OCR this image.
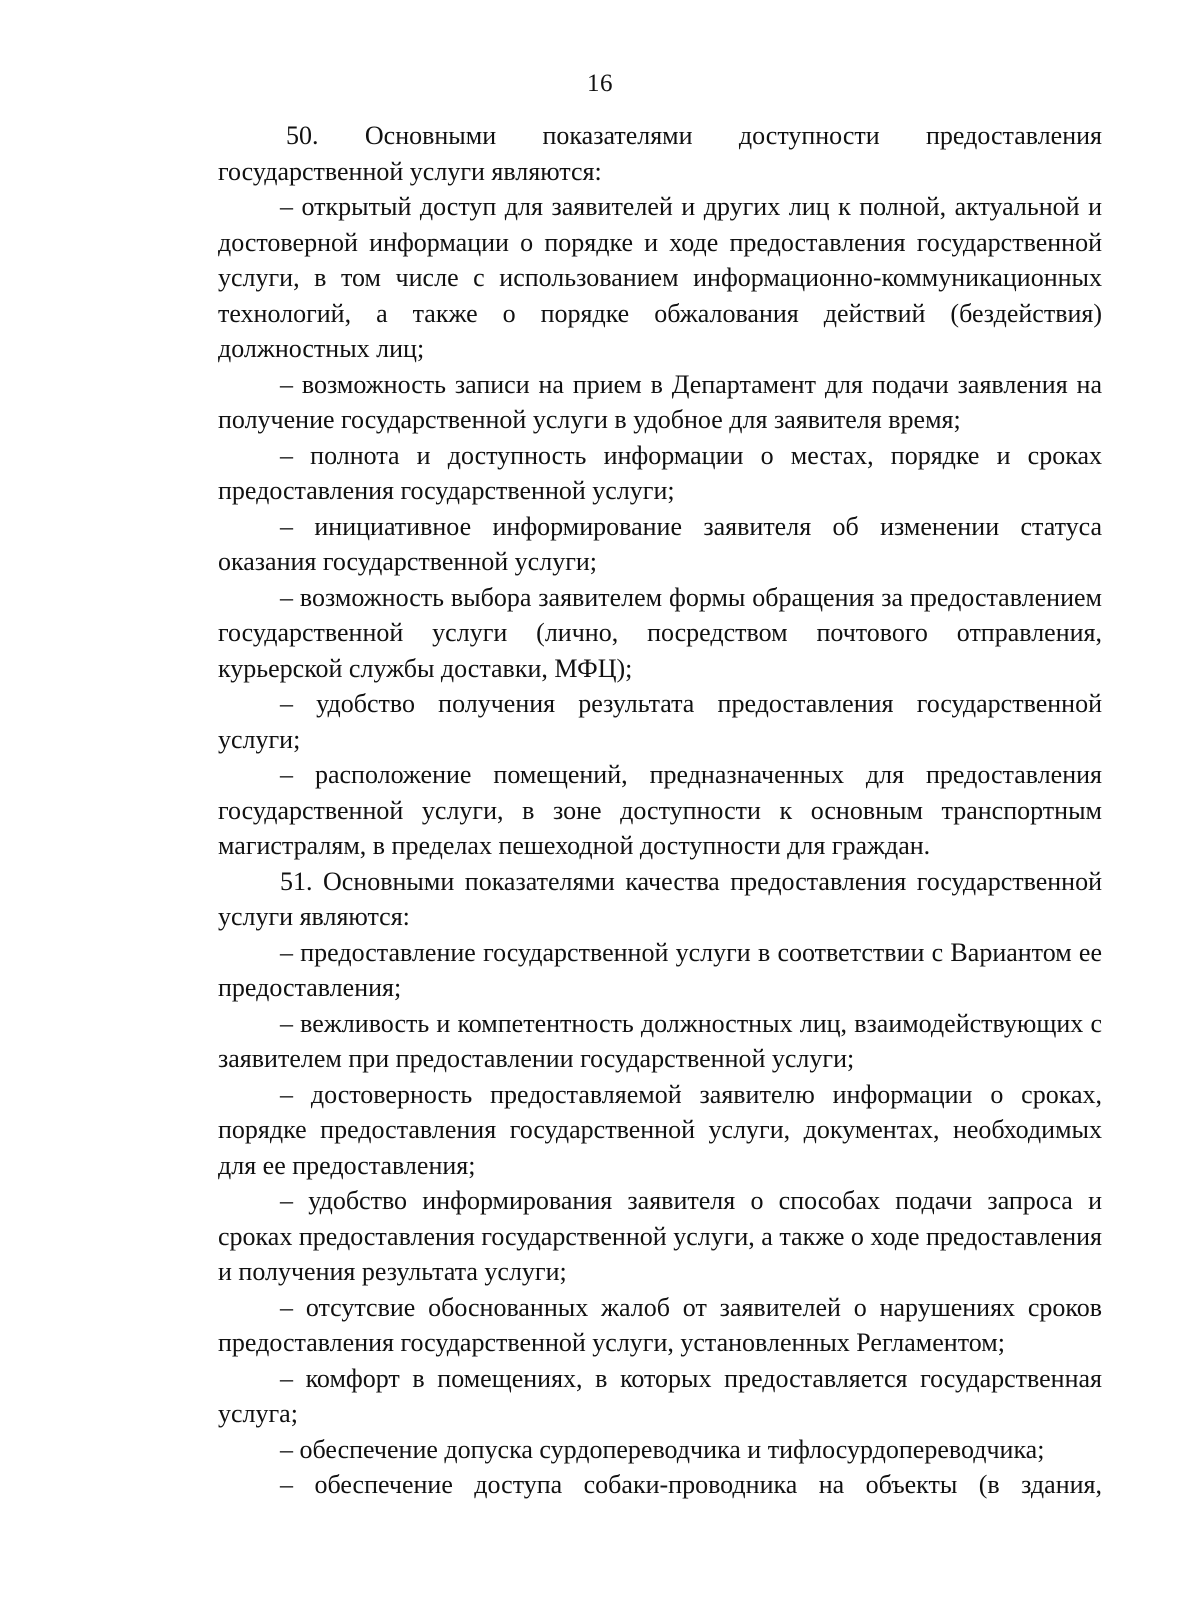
16

50. Основными показателями доступности предоставления государственной услуги являются:

– открытый доступ для заявителей и других лиц к полной, актуальной и достоверной информации о порядке и ходе предоставления государственной услуги, в том числе с использованием информационно-коммуникационных технологий, а также о порядке обжалования действий (бездействия) должностных лиц;

– возможность записи на прием в Департамент для подачи заявления на получение государственной услуги в удобное для заявителя время;

– полнота и доступность информации о местах, порядке и сроках предоставления государственной услуги;

– инициативное информирование заявителя об изменении статуса оказания государственной услуги;

– возможность выбора заявителем формы обращения за предоставлением государственной услуги (лично, посредством почтового отправления, курьерской службы доставки, МФЦ);

– удобство получения результата предоставления государственной услуги;

– расположение помещений, предназначенных для предоставления государственной услуги, в зоне доступности к основным транспортным магистралям, в пределах пешеходной доступности для граждан.

51. Основными показателями качества предоставления государственной услуги являются:

– предоставление государственной услуги в соответствии с Вариантом ее предоставления;

– вежливость и компетентность должностных лиц, взаимодействующих с заявителем при предоставлении государственной услуги;

– достоверность предоставляемой заявителю информации о сроках, порядке предоставления государственной услуги, документах, необходимых для ее предоставления;

– удобство информирования заявителя о способах подачи запроса и сроках предоставления государственной услуги, а также о ходе предоставления и получения результата услуги;

– отсутсвие обоснованных жалоб от заявителей о нарушениях сроков предоставления государственной услуги, установленных Регламентом;

– комфорт в помещениях, в которых предоставляется государственная услуга;

– обеспечение допуска сурдопереводчика и тифлосурдопереводчика;

– обеспечение доступа собаки-проводника на объекты (в здания,
